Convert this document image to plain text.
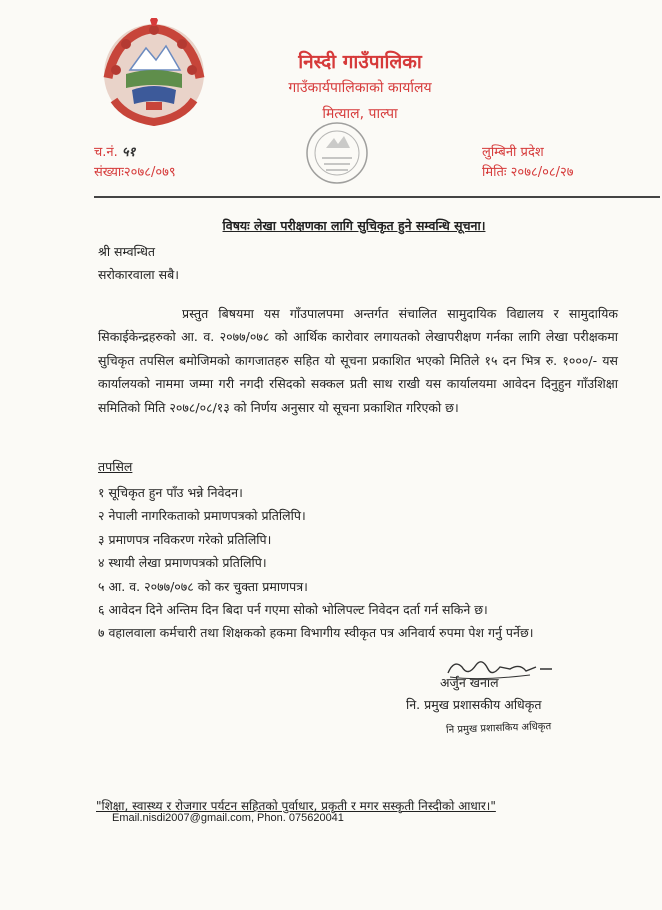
निस्दी गाउँपालिका
गाउँकार्यपालिकाको कार्यालय
मित्याल, पाल्पा
च.नं. ५१
संख्याः२०७८/०७९
लुम्बिनी प्रदेश
मितिः २०७८/०८/२७
विषयः लेखा परीक्षणका लागि सुचिकृत हुने सम्वन्धि सूचना।
श्री सम्वन्धित
सरोकारवाला सबै।
प्रस्तुत बिषयमा यस गाँउपालपमा अन्तर्गत संचालित सामुदायिक विद्यालय र सामुदायिक सिकाईकेन्द्रहरुको आ. व. २०७७/०७८ को आर्थिक कारोवार लगायतको लेखापरीक्षण गर्नका लागि लेखा परीक्षकमा सुचिकृत तपसिल बमोजिमको कागजातहरु सहित यो सूचना प्रकाशित भएको मितिले १५ दन भित्र रु. १०००/- यस कार्यालयको नाममा जम्मा गरी नगदी रसिदको सक्कल प्रती साथ राखी यस कार्यालयमा आवेदन दिनुहुन गाँउशिक्षा समितिको मिति २०७८/०८/१३ को निर्णय अनुसार यो सूचना प्रकाशित गरिएको छ।
तपसिल
१ सूचिकृत हुन पाँउ भन्ने निवेदन।
२ नेपाली नागरिकताको प्रमाणपत्रको प्रतिलिपि।
३ प्रमाणपत्र नविकरण गरेको प्रतिलिपि।
४ स्थायी लेखा प्रमाणपत्रको प्रतिलिपि।
५ आ. व. २०७७/०७८ को कर चुक्ता प्रमाणपत्र।
६ आवेदन दिने अन्तिम दिन बिदा पर्न गएमा सोको भोलिपल्ट निवेदन दर्ता गर्न सकिने छ।
७ वहालवाला कर्मचारी तथा शिक्षकको हकमा विभागीय स्वीकृत पत्र अनिवार्य रुपमा पेश गर्नु पर्नेछ।
अर्जुन खनाल
नि. प्रमुख प्रशासकीय अधिकृत
नि प्रमुख प्रशासकिय अधिकृत
"शिक्षा, स्वास्थ्य र रोजगार पर्यटन सहितको पुर्वाधार, प्रकृती र मगर सस्कृती निस्दीको आधार।"
Email.nisdi2007@gmail.com, Phon. 075620041
